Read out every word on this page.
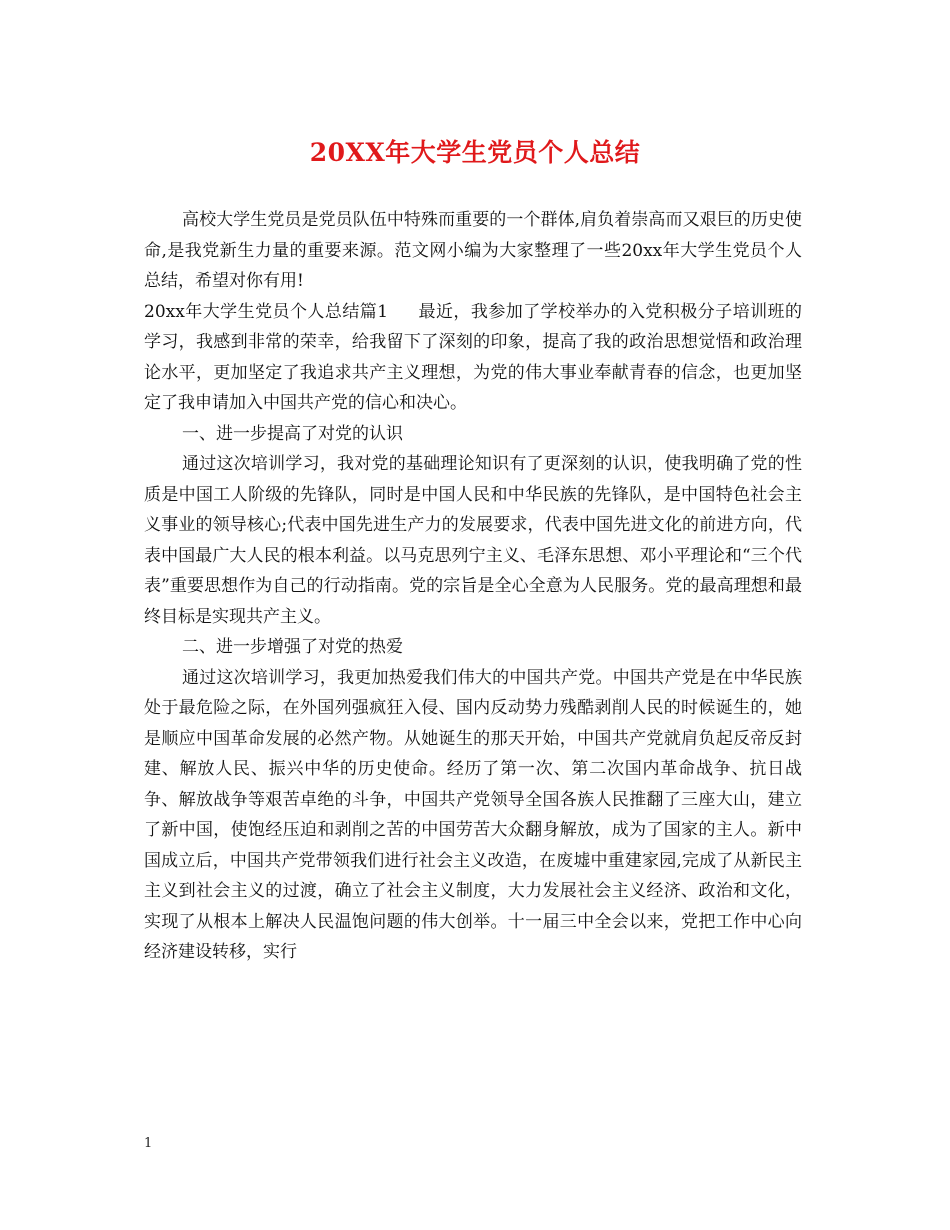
20XX年大学生党员个人总结

高校大学生党员是党员队伍中特殊而重要的一个群体,肩负着崇高而又艰巨的历史使命,是我党新生力量的重要来源。范文网小编为大家整理了一些20xx年大学生党员个人总结，希望对你有用!

20xx年大学生党员个人总结篇1 最近，我参加了学校举办的入党积极分子培训班的学习，我感到非常的荣幸，给我留下了深刻的印象，提高了我的政治思想觉悟和政治理论水平，更加坚定了我追求共产主义理想，为党的伟大事业奉献青春的信念，也更加坚定了我申请加入中国共产党的信心和决心。

一、进一步提高了对党的认识

通过这次培训学习，我对党的基础理论知识有了更深刻的认识，使我明确了党的性质是中国工人阶级的先锋队，同时是中国人民和中华民族的先锋队，是中国特色社会主义事业的领导核心;代表中国先进生产力的发展要求，代表中国先进文化的前进方向，代表中国最广大人民的根本利益。以马克思列宁主义、毛泽东思想、邓小平理论和“三个代表”重要思想作为自己的行动指南。党的宗旨是全心全意为人民服务。党的最高理想和最终目标是实现共产主义。

二、进一步增强了对党的热爱

通过这次培训学习，我更加热爱我们伟大的中国共产党。中国共产党是在中华民族处于最危险之际，在外国列强疯狂入侵、国内反动势力残酷剥削人民的时候诞生的，她是顺应中国革命发展的必然产物。从她诞生的那天开始，中国共产党就肩负起反帝反封建、解放人民、振兴中华的历史使命。经历了第一次、第二次国内革命战争、抗日战争、解放战争等艰苦卓绝的斗争，中国共产党领导全国各族人民推翻了三座大山，建立了新中国，使饱经压迫和剥削之苦的中国劳苦大众翻身解放，成为了国家的主人。新中国成立后，中国共产党带领我们进行社会主义改造，在废墟中重建家园,完成了从新民主主义到社会主义的过渡，确立了社会主义制度，大力发展社会主义经济、政治和文化，实现了从根本上解决人民温饱问题的伟大创举。十一届三中全会以来，党把工作中心向经济建设转移，实行

1
